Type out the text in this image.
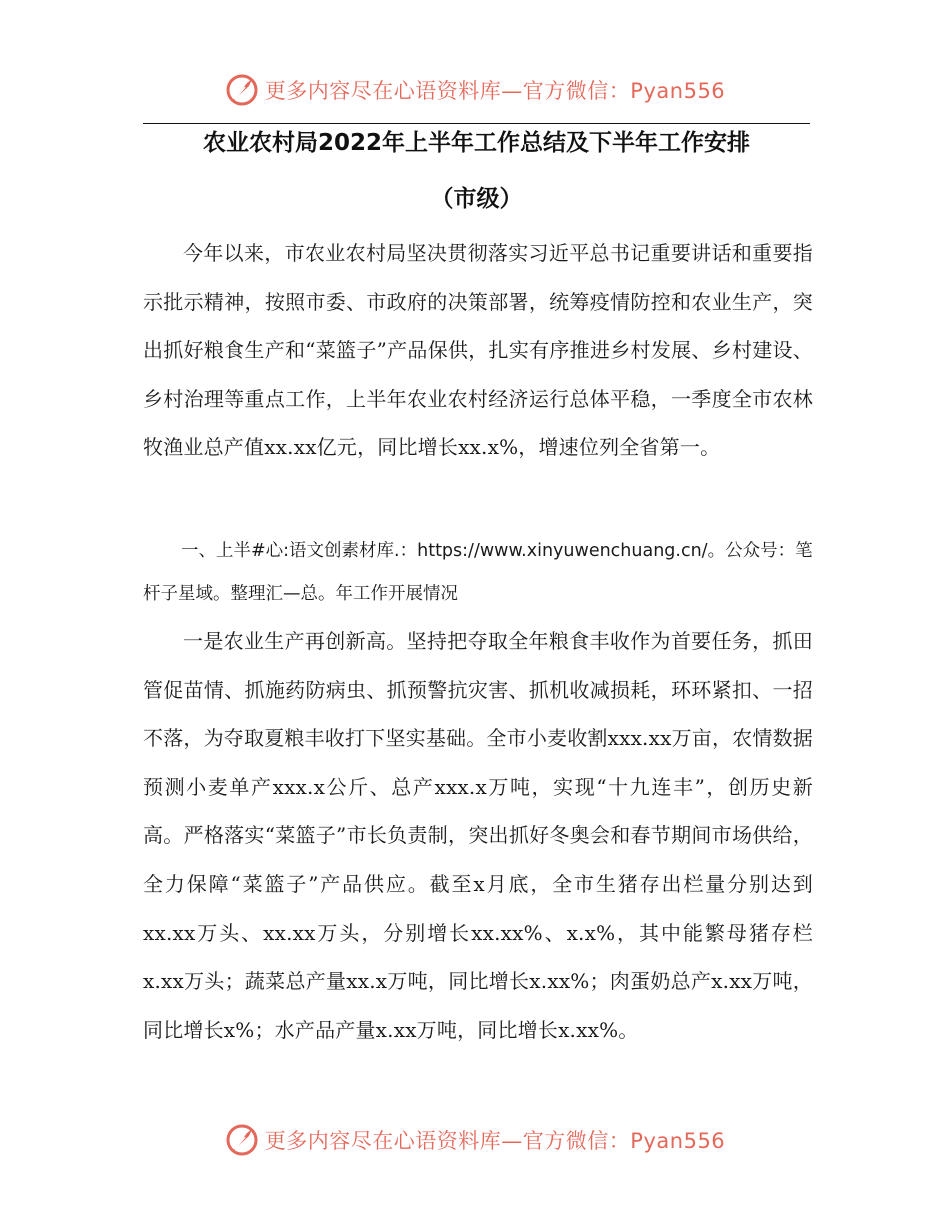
更多内容尽在心语资料库—官方微信：Pyan556
农业农村局2022年上半年工作总结及下半年工作安排
（市级）

今年以来，市农业农村局坚决贯彻落实习近平总书记重要讲话和重要指示批示精神，按照市委、市政府的决策部署，统筹疫情防控和农业生产，突出抓好粮食生产和“菜篮子”产品保供，扎实有序推进乡村发展、乡村建设、乡村治理等重点工作，上半年农业农村经济运行总体平稳，一季度全市农林牧渔业总产值xx.xx亿元，同比增长xx.x%，增速位列全省第一。

一、上半#心:语文创素材库.：https://www.xinyuwenchuang.cn/。公众号：笔杆子星域。整理汇—总。年工作开展情况

一是农业生产再创新高。坚持把夺取全年粮食丰收作为首要任务，抓田管促苗情、抓施药防病虫、抓预警抗灾害、抓机收减损耗，环环紧扣、一招不落，为夺取夏粮丰收打下坚实基础。全市小麦收割xxx.xx万亩，农情数据预测小麦单产xxx.x公斤、总产xxx.x万吨，实现“十九连丰”，创历史新高。严格落实“菜篮子”市长负责制，突出抓好冬奥会和春节期间市场供给，全力保障“菜篮子”产品供应。截至x月底，全市生猪存出栏量分别达到xx.xx万头、xx.xx万头，分别增长xx.xx%、x.x%，其中能繁母猪存栏x.xx万头；蔬菜总产量xx.x万吨，同比增长x.xx%；肉蛋奶总产x.xx万吨，同比增长x%；水产品产量x.xx万吨，同比增长x.xx%。

更多内容尽在心语资料库—官方微信：Pyan556
